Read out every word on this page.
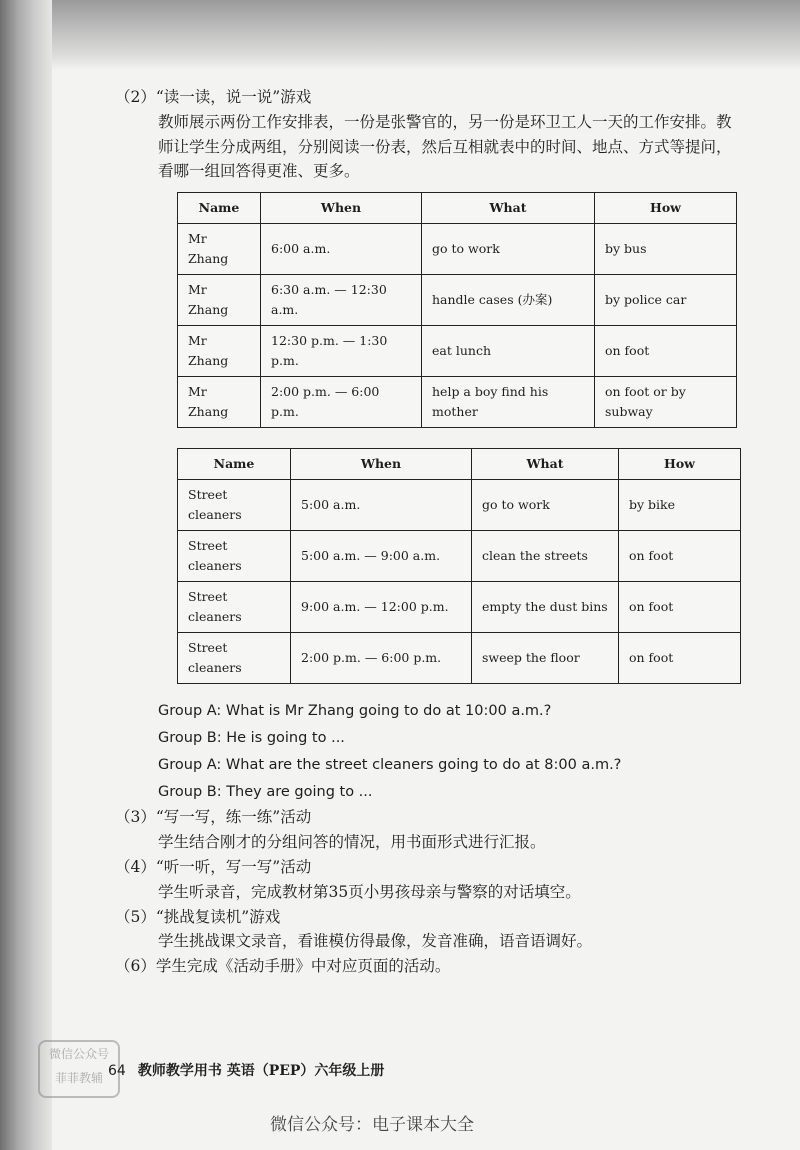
（2）“读一读，说一说”游戏

教师展示两份工作安排表，一份是张警官的，另一份是环卫工人一天的工作安排。教

师让学生分成两组，分别阅读一份表，然后互相就表中的时间、地点、方式等提问，

看哪一组回答得更准、更多。

Name	When	What	How
Mr Zhang	6:00 a.m.	go to work	by bus
Mr Zhang	6:30 a.m. — 12:30 a.m.	handle cases (办案)	by police car
Mr Zhang	12:30 p.m. — 1:30 p.m.	eat lunch	on foot
Mr Zhang	2:00 p.m. — 6:00 p.m.	help a boy find his mother	on foot or by subway
Name	When	What	How
Street cleaners	5:00 a.m.	go to work	by bike
Street cleaners	5:00 a.m. — 9:00 a.m.	clean the streets	on foot
Street cleaners	9:00 a.m. — 12:00 p.m.	empty the dust bins	on foot
Street cleaners	2:00 p.m. — 6:00 p.m.	sweep the floor	on foot
Group A: What is Mr Zhang going to do at 10:00 a.m.?
Group B: He is going to ...
Group A: What are the street cleaners going to do at 8:00 a.m.?
Group B: They are going to ...

（3）“写一写，练一练”活动

学生结合刚才的分组问答的情况，用书面形式进行汇报。

（4）“听一听，写一写”活动

学生听录音，完成教材第35页小男孩母亲与警察的对话填空。

（5）“挑战复读机”游戏

学生挑战课文录音，看谁模仿得最像，发音准确，语音语调好。

（6）学生完成《活动手册》中对应页面的活动。

微信公众号
菲菲教辅 64 教师教学用书 英语（PEP）六年级上册
微信公众号：电子课本大全
